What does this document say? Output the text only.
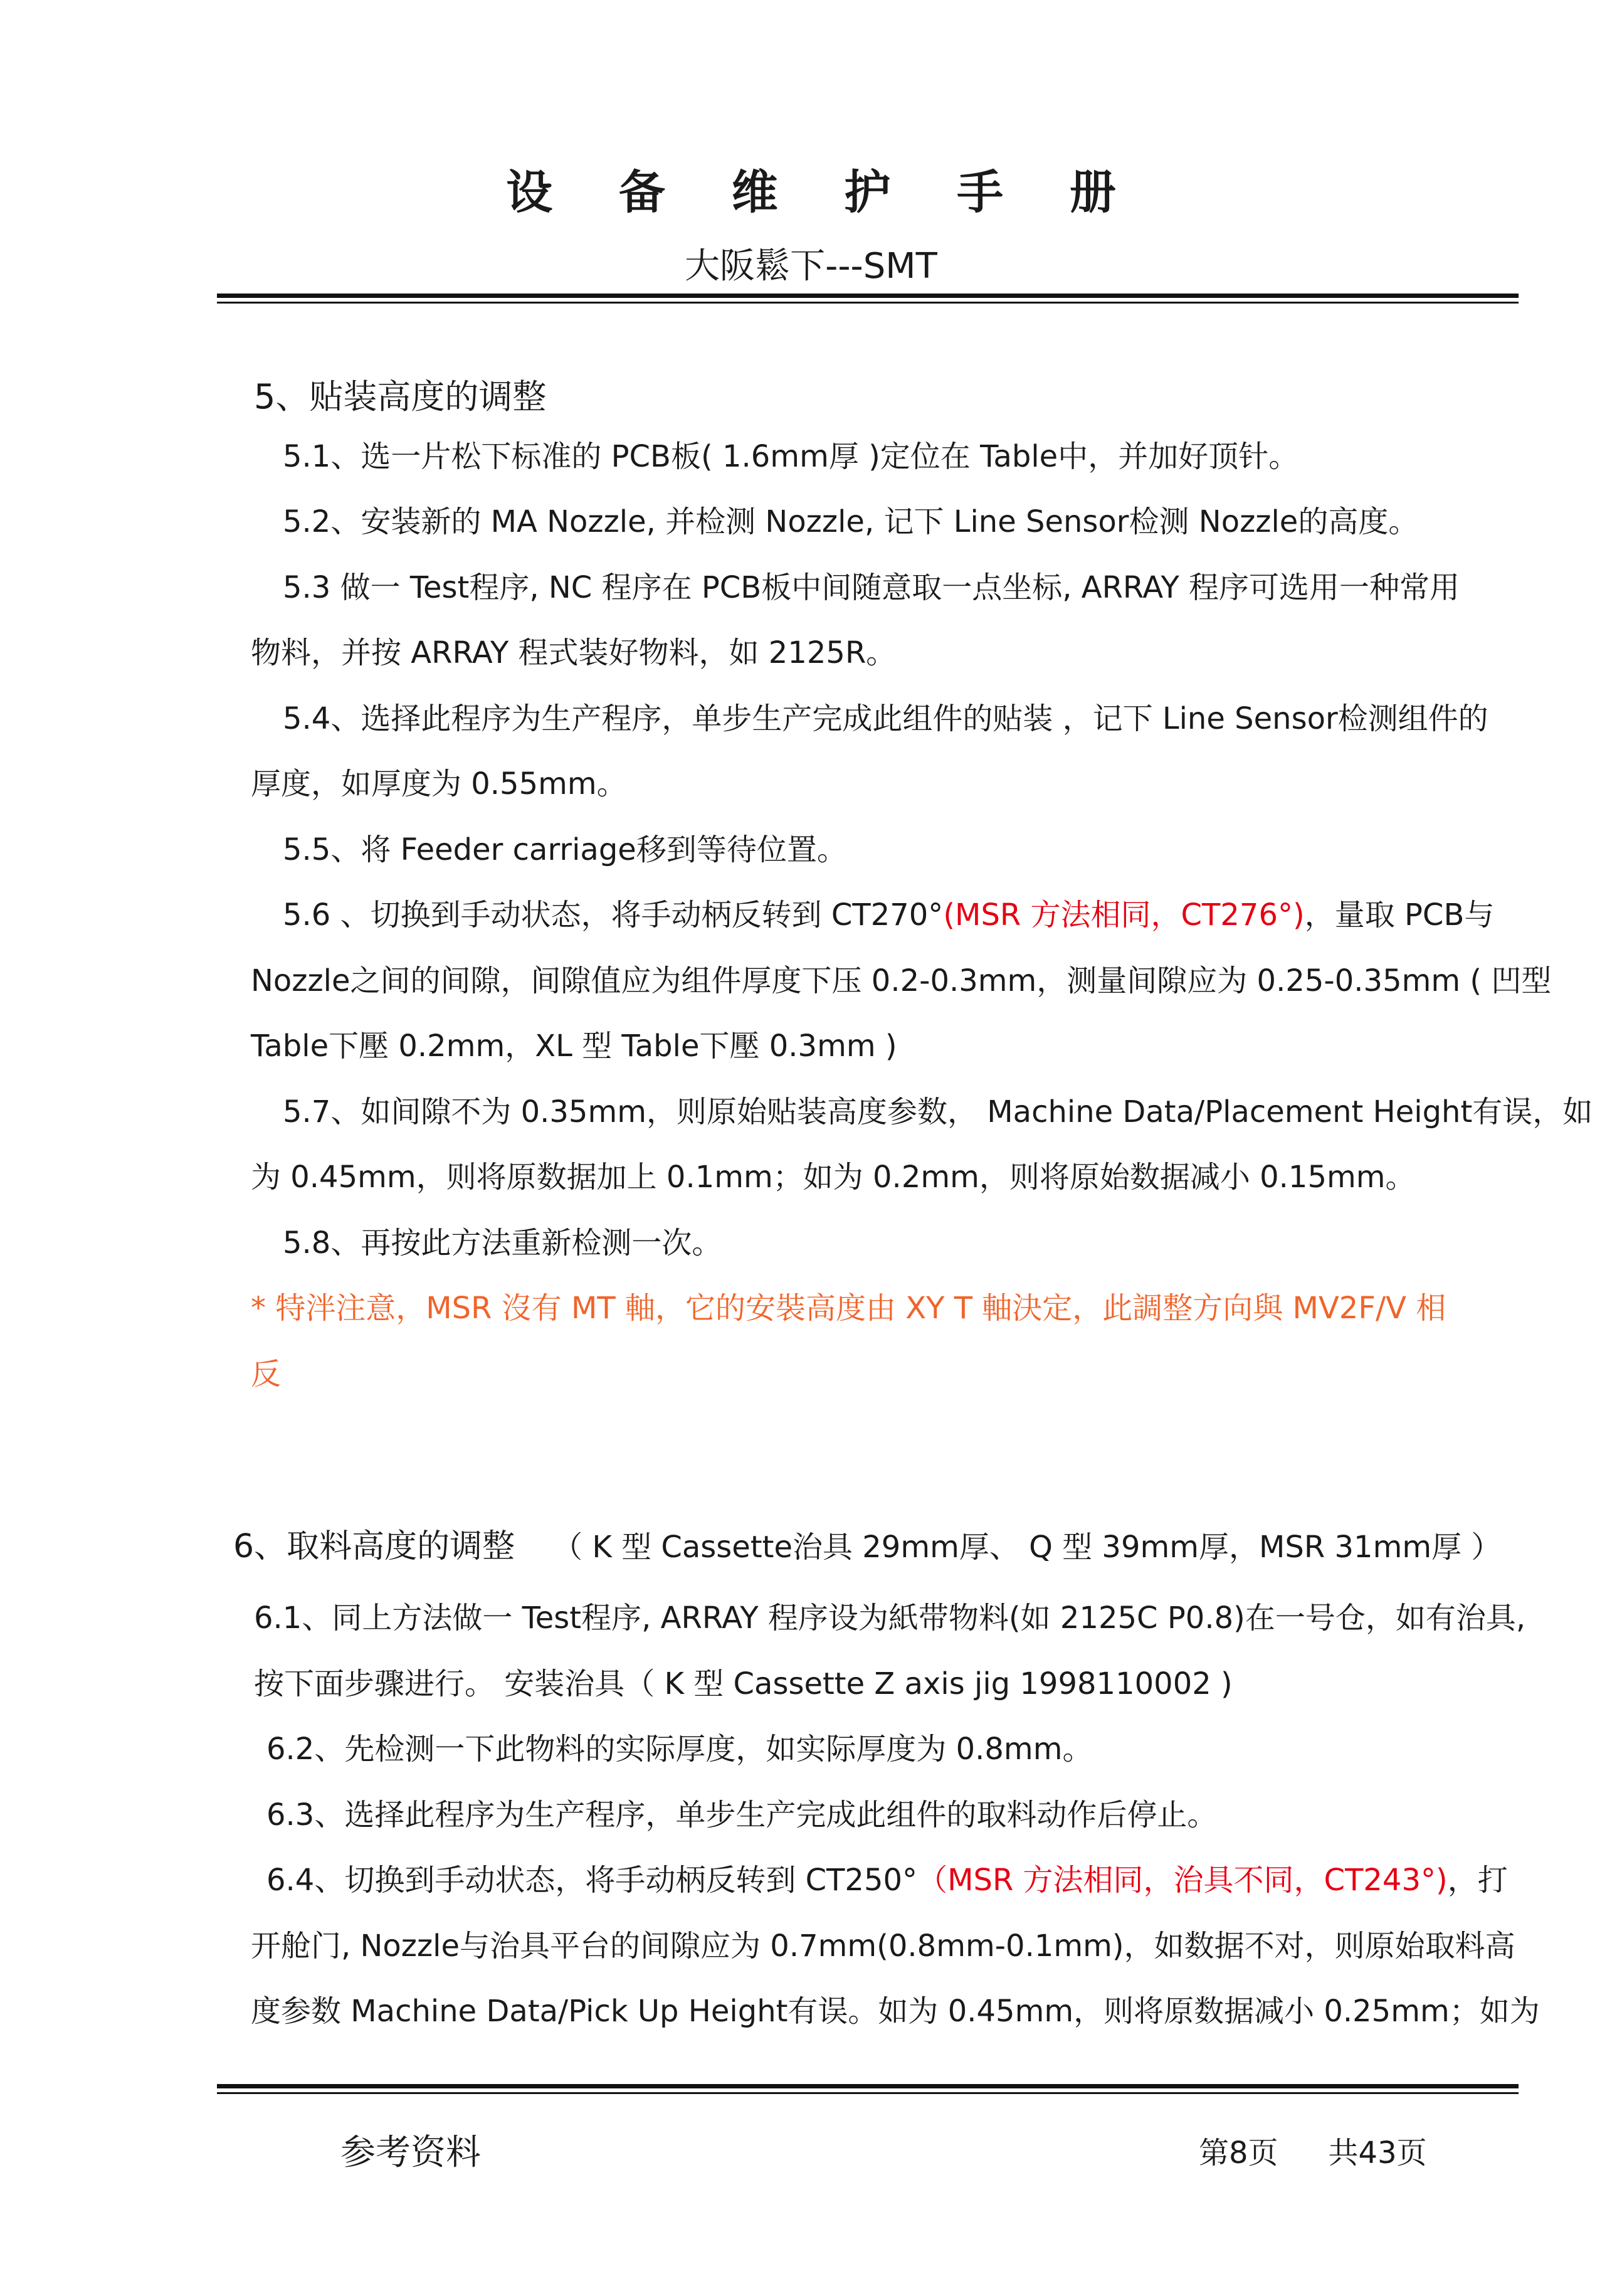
设 备 维 护 手 册
大阪鬆下---SMT
5、贴装高度的调整
5.1、选一片松下标准的 PCB板( 1.6mm厚 )定位在 Table中，并加好顶针。
5.2、安装新的 MA Nozzle, 并检测 Nozzle, 记下 Line Sensor检测 Nozzle的高度。
5.3 做一 Test程序, NC 程序在 PCB板中间随意取一点坐标, ARRAY 程序可选用一种常用
物料，并按 ARRAY 程式装好物料，如 2125R。
5.4、选择此程序为生产程序，单步生产完成此组件的贴装 ，记下 Line Sensor检测组件的
厚度，如厚度为 0.55mm。
5.5、将 Feeder carriage移到等待位置。
5.6 、切换到手动状态，将手动柄反转到 CT270°(MSR 方法相同，CT276°)，量取 PCB与
Nozzle之间的间隙，间隙值应为组件厚度下压 0.2-0.3mm，测量间隙应为 0.25-0.35mm ( 凹型
Table下壓 0.2mm，XL 型 Table下壓 0.3mm )
5.7、如间隙不为 0.35mm，则原始贴装高度参数， Machine Data/Placement Height有误，如
为 0.45mm，则将原数据加上 0.1mm；如为 0.2mm，则将原始数据减小 0.15mm。
5.8、再按此方法重新检测一次。
* 特泮注意，MSR 沒有 MT 軸，它的安裝高度由 XY T 軸決定，此調整方向與 MV2F/V 相
反
6、取料高度的调整 （ K 型 Cassette治具 29mm厚、 Q 型 39mm厚，MSR 31mm厚 ）
6.1、同上方法做一 Test程序, ARRAY 程序设为紙带物料(如 2125C P0.8)在一号仓，如有治具,
按下面步骤进行。 安装治具（ K 型 Cassette Z axis jig 1998110002 )
6.2、先检测一下此物料的实际厚度，如实际厚度为 0.8mm。
6.3、选择此程序为生产程序，单步生产完成此组件的取料动作后停止。
6.4、切换到手动状态，将手动柄反转到 CT250°（MSR 方法相同，治具不同，CT243°)，打
开舱门, Nozzle与治具平台的间隙应为 0.7mm(0.8mm-0.1mm)，如数据不对，则原始取料高
度参数 Machine Data/Pick Up Height有误。如为 0.45mm，则将原数据减小 0.25mm；如为
参考资料	第8页 共43页
